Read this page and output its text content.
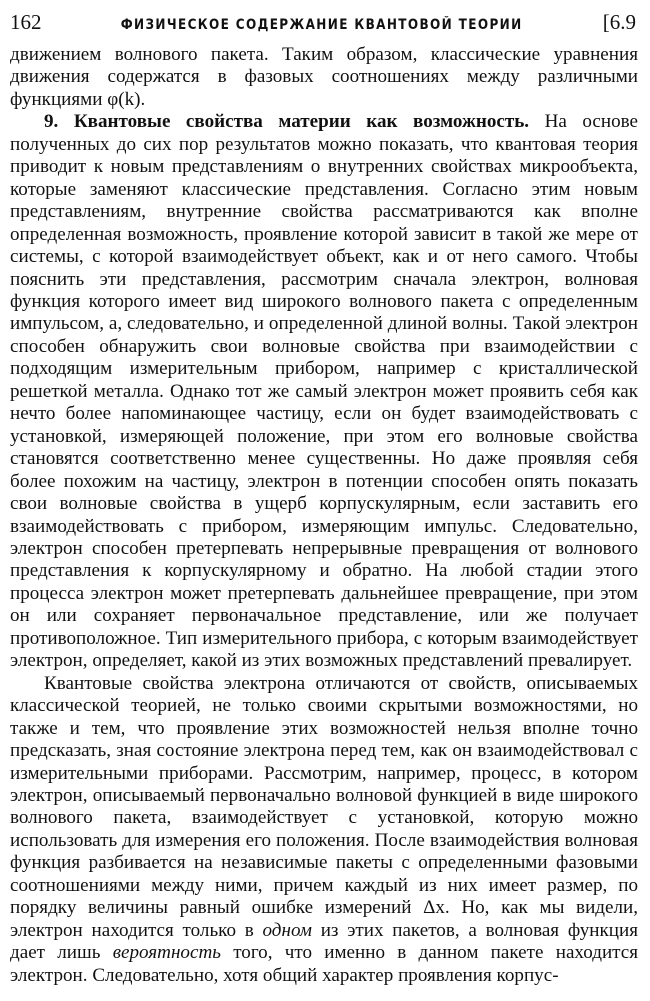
162	ФИЗИЧЕСКОЕ СОДЕРЖАНИЕ КВАНТОВОЙ ТЕОРИИ	[6.9

движением волнового пакета. Таким образом, классические уравнения движения содержатся в фазовых соотношениях между различными функциями φ(k).

9. Квантовые свойства материи как возможность. На основе полученных до сих пор результатов можно показать, что квантовая теория приводит к новым представлениям о внутренних свойствах микрообъекта, которые заменяют классические представления. Согласно этим новым представлениям, внутренние свойства рассматриваются как вполне определенная возможность, проявление которой зависит в такой же мере от системы, с которой взаимодействует объект, как и от него самого. Чтобы пояснить эти представления, рассмотрим сначала электрон, волновая функция которого имеет вид широкого волнового пакета с определенным импульсом, а, следовательно, и определенной длиной волны. Такой электрон способен обнаружить свои волновые свойства при взаимодействии с подходящим измерительным прибором, например с кристаллической решеткой металла. Однако тот же самый электрон может проявить себя как нечто более напоминающее частицу, если он будет взаимодействовать с установкой, измеряющей положение, при этом его волновые свойства становятся соответственно менее существенны. Но даже проявляя себя более похожим на частицу, электрон в потенции способен опять показать свои волновые свойства в ущерб корпускулярным, если заставить его взаимодействовать с прибором, измеряющим импульс. Следовательно, электрон способен претерпевать непрерывные превращения от волнового представления к корпускулярному и обратно. На любой стадии этого процесса электрон может претерпевать дальнейшее превращение, при этом он или сохраняет первоначальное представление, или же получает противоположное. Тип измерительного прибора, с которым взаимодействует электрон, определяет, какой из этих возможных представлений превалирует.

Квантовые свойства электрона отличаются от свойств, описываемых классической теорией, не только своими скрытыми возможностями, но также и тем, что проявление этих возможностей нельзя вполне точно предсказать, зная состояние электрона перед тем, как он взаимодействовал с измерительными приборами. Рассмотрим, например, процесс, в котором электрон, описываемый первоначально волновой функцией в виде широкого волнового пакета, взаимодействует с установкой, которую можно использовать для измерения его положения. После взаимодействия волновая функция разбивается на независимые пакеты с определенными фазовыми соотношениями между ними, причем каждый из них имеет размер, по порядку величины равный ошибке измерений Δx. Но, как мы видели, электрон находится только в одном из этих пакетов, а волновая функция дает лишь вероятность того, что именно в данном пакете находится электрон. Следовательно, хотя общий характер проявления корпус-
